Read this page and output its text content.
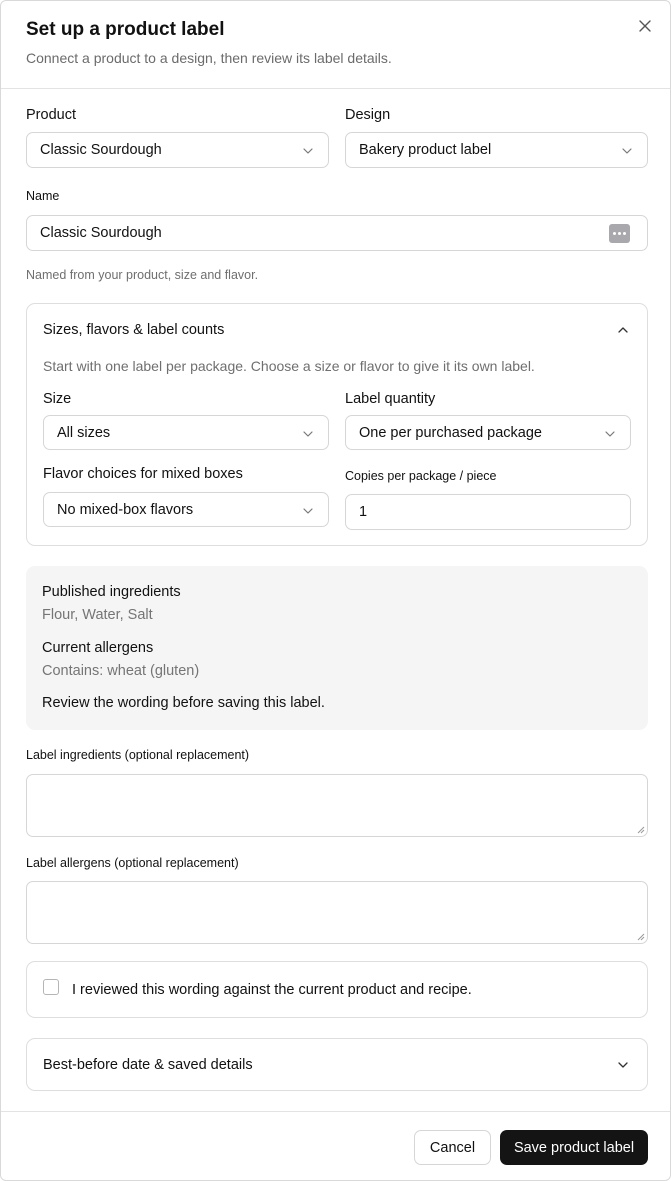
Set up a product label
Connect a product to a design, then review its label details.
Product
Classic Sourdough
Design
Bakery product label
Name
Classic Sourdough
Named from your product, size and flavor.
Sizes, flavors & label counts
Start with one label per package. Choose a size or flavor to give it its own label.
Size
All sizes
Label quantity
One per purchased package
Flavor choices for mixed boxes
No mixed-box flavors
Copies per package / piece
1
Published ingredients
Flour, Water, Salt
Current allergens
Contains: wheat (gluten)
Review the wording before saving this label.
Label ingredients (optional replacement)
Label allergens (optional replacement)
I reviewed this wording against the current product and recipe.
Best-before date & saved details
Cancel	Save product label
